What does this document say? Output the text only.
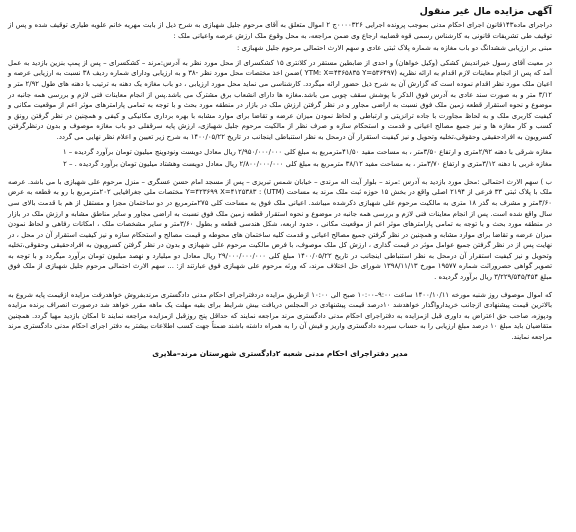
آگهی مزایده مال غیر منقول

دراجرای ماده۱۴۳قانون اجرای احکام مدنی بموجب پرونده اجرایی ۰۰۰۰۳۲۶ج ۲ اموال متعلق به آقای مرحوم جلیل شهبازی به شرح ذیل از بابت مهریه خانم علویه طیاری توقیف شده و پس از توقیف طی تشریفات قانونی به کارشناس رسمی قوه قضاییه ارجاع وی ضمن مراجعه، به محل وقوع ملک ارزش عرصه واعیانی ملک :

مبنی بر ارزیابی ششدانگ دو باب مغازه به شماره پلاک ثبتی عادی و سهم الارث احتمالی مرحوم جلیل شهبازی :

در معیت آقای رسول خیراندیش کشکی (وکیل خواهان) و احدی از ضابطین مستقر در کلانتری ۱۵ کشکسرای از محل مورد نظر به آدرس:مرند – کشکسرای – پس از پمپ بنزین بازدید به عمل آمد که پس از انجام معاینات لازم اقدام به ارائه نظریه (ΥTM: X=۴۳۶۵۸۳۵ Y=۵۳۶۴۹۷ )ضمن اخذ مختصات محل مورد نظر -۳۸ و به ارزیابی ودارای شماره ردیف ۳۸ نسبت به ارزیابی عرصه و اعیان ملک مورد نظر اقدام نموده است که گزارش آن به شرح ذیل حضور ارائه میگردد. کارشناسی می نماید محل مورد ارزیابی ، دو باب مغازه یک دهنه به ترتیب با دهنه های طول ۲/۹۲ متر و ۳/۱۲ متر و به صورت سند عادی به آدرس فوق الذکر با پوشش سقف چوبی می باشد.مغازه ها دارای انشعاب برق مشترک می باشد.پس از انجام معاینات فنی لازم و بررسی همه جانبه در موضوع و نحوه استقرار قطعه زمین ملک فوق نسبت به اراضی مجاور و در نظر گرفتن ارزش ملک در بازار در منطقه مورد بحث و با توجه به تمامی پارامترهای موثر اعم از موقعیت مکانی و کیفیت کاربری ملک و به لحاظ مجاورت با جاده ترانزیتی و ارتباطی و لحاظ نمودن میزان عرضه و تقاضا برای موارد مشابه با بهره برداری مکانیکی و کیفی و همچنین در نظر گرفتن رونق و کسب و کار مغازه ها و نیز جمیع مصالح اعیانی و قدمت و استحکام سازه و صرف نظر از مالکیت مرحوم جلیل شهبازی، ارزش پایه سرقفلی دو باب مغازه موصوف و بدون درنظرگرفتن کسرویون به افرادحقیقی وحقوقی،تخلیه وتحویل و نیز کیفیت استقرار آن درمحل به نظر استنباطی اینجانب در تاریخ ۱۴۰۰/۰۵/۲۲ به شرح زیر تعیین و اعلام نظر نهایی می گردد.

مغازه شرقی با دهنه ۲/۹۲متری و ارتفاع ۳/۵۰متر ، به مساحت مفید ۴۱/۵۰مترمربع به مبلغ کلی ۲/۹۵۰/۰۰۰/۰۰۰ ریال معادل دویست ونودوپنج میلیون تومان برآورد گردیده – ۱

مغازه غربی با دهنه ۳/۱۲متری و ارتفاع ۳/۷۰متر ، به مساحت مفید ۳۸/۱۲ مترمربع به مبلغ کلی ۲/۸۰۰/۰۰۰/۰۰۰ ریال معادل دویست وهشتاد میلیون تومان برآورد گردیده . – ۲

ب ) سهم الارث احتمالی :محل مورد بازدید به آدرس :مرند – بلوار آیت اله مرندی – خیابان شمس تبریزی – پس از مسجد امام حسن عسگری – منزل مرحوم علی شهبازی با می باشد. عرصه ملک با پلاک ثبتی ۳۳ فرعی از ۲۱۹۴ اصلی واقع در بخش ۱۵ حوزه ثبت ملک مرند به مساحت (UTM) : Y=۴۲۳۶۹۹ X=۴۱۲۵۳۸۳ مختصات ملی جغرافیایی ۲۰۲مترمربع با رو به قطعه به عرض ۳/۶۰متر و مشرف به گذر ۱۸ متری به مالکیت مرحوم علی شهبازی ذکرشده میباشد. اعیانی ملک فوق به مساحت کلی ۲۷۵مترمربع در دو ساختمان مجزا و مستقل از هم با قدمت بالای سی سال واقع شده است. پس از انجام معاینات فنی لازم و بررسی همه جانبه در موضوع و نحوه استقرار قطعه زمین ملک فوق نسبت به اراضی مجاور و سایر مناطق مشابه و ارزش ملک در بازار در منطقه مورد بحث و با توجه به تمامی پارامترهای موثر اعم از موقعیت مکانی ، حدود اربعه، شکل هندسی قطعه و بطول ۳/۶۰متر و سایر مشخصات ملک ، امکانات رفاهی و لحاظ نمودن میزان عرضه و تقاضا برای موارد مشابه و همچنین در نظر گرفتن جمیع مصالح اعیانی و قدمت کلیه ساختمان های محوطه و قیمت مصالح و استحکام سازه و نیز کیفیت استقرار آن در محل ، در نهایت پس از در نظر گرفتن جمیع عوامل موثر در قیمت گذاری ، ارزش کل ملک موصوف، با فرض مالکیت مرحوم علی شهبازی و بدون در نظر گرفتن کسرویون به افرادحقیقی وحقوقی،تخلیه وتحویل و نیز کیفیت استقرار آن درمحل به نظر استنباطی اینجانب در تاریخ ۱۴۰۰/۰۵/۲۲ مبلغ کلی ۲۹/۰۰۰/۰۰۰/۰۰۰ ریال معادل دو میلیارد و نهصد میلیون تومان برآورد میگردد و با توجه به تصویر گواهی حصروراثت شماره ۱۹۵۷۷ مورخ ۱۳۹۸/۱۱/۱۳ شورای حل اختلاف مرند، که ورثه مرحوم علی شهبازی فوق عبارتند از: ... سهم الارث احتمالی مرحوم جلیل شهبازی از ملک فوق مبلغ ۳/۲۲۹/۵۴۵/۴۵۴ ریال برآورد گردیده .

که اموال موصوف روز شنبه مورخه ۱۴۰۰/۱۰/۱۱ ساعت ۹:۰۰–۱۰:۰۰ صبح الی ۱۰:۰۰ ازطریق مزایده دردفتراجرای احکام مدنی دادگستری مرندبفروش خواهدرفت مزایده ازقیمت پایه شروع به بالاترین قیمت پیشنهادی ازجانب خریدارواگذار خواهدشد ۱۰درصد قیمت پیشنهادی در المجلس دریافت بیش شرایط برای بقیه مهلت یک ماهه مقرر خواهد شد درصورت انصراف برنده مزایده ودپوزه، صاحب حق اعتراض به داوری قبل ازمزایده به دفتراجرای احکام مدنی دادگستری مرند مراجعه نمایند که حداقل پنج روزقبل ازمزایده مراجعه نمایند تا امکان بازدید مهیا گردد. همچنین متقاضیان باید مبلغ ۱۰ درصد مبلغ ارزیابی را به حساب سپرده دادگستری واریز و فیش آن را به همراه داشته باشند ضمناً جهت کسب اطلاعات بیشتر به دفتر اجرای احکام مدنی دادگستری مرند مراجعه نمایند.

مدیر دفتراجرای احکام مدنی شعبه ۲دادگستری شهرستان مرند–ملایری
